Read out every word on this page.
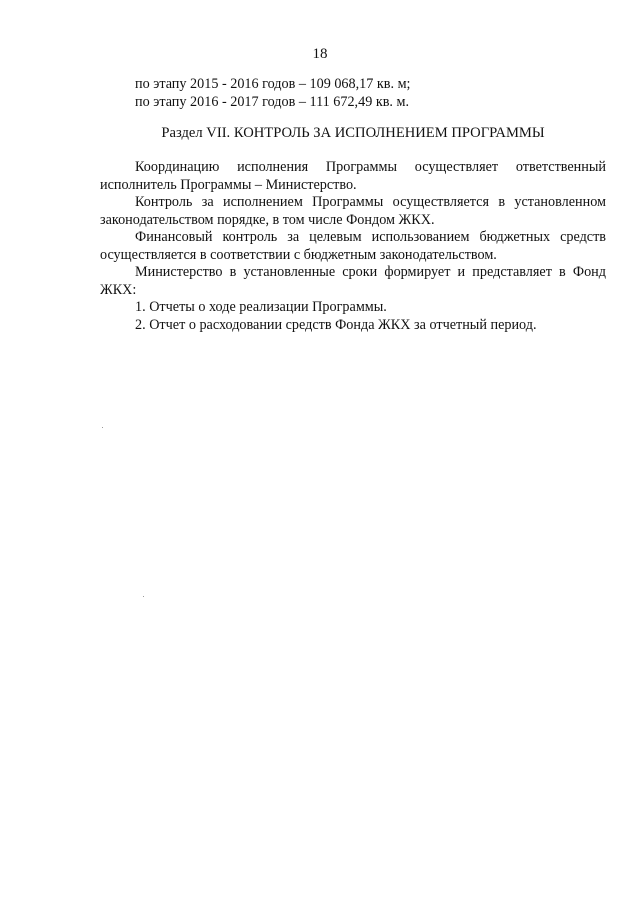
18
по этапу 2015 - 2016 годов – 109 068,17 кв. м;
по этапу 2016 - 2017 годов – 111 672,49 кв. м.
Раздел VII. КОНТРОЛЬ ЗА ИСПОЛНЕНИЕМ ПРОГРАММЫ

Координацию исполнения Программы осуществляет ответственный исполнитель Программы – Министерство.

Контроль за исполнением Программы осуществляется в установленном законодательством порядке, в том числе Фондом ЖКХ.

Финансовый контроль за целевым использованием бюджетных средств осуществляется в соответствии с бюджетным законодательством.

Министерство в установленные сроки формирует и представляет в Фонд ЖКХ:

1. Отчеты о ходе реализации Программы.

2. Отчет о расходовании средств Фонда ЖКХ за отчетный период.
